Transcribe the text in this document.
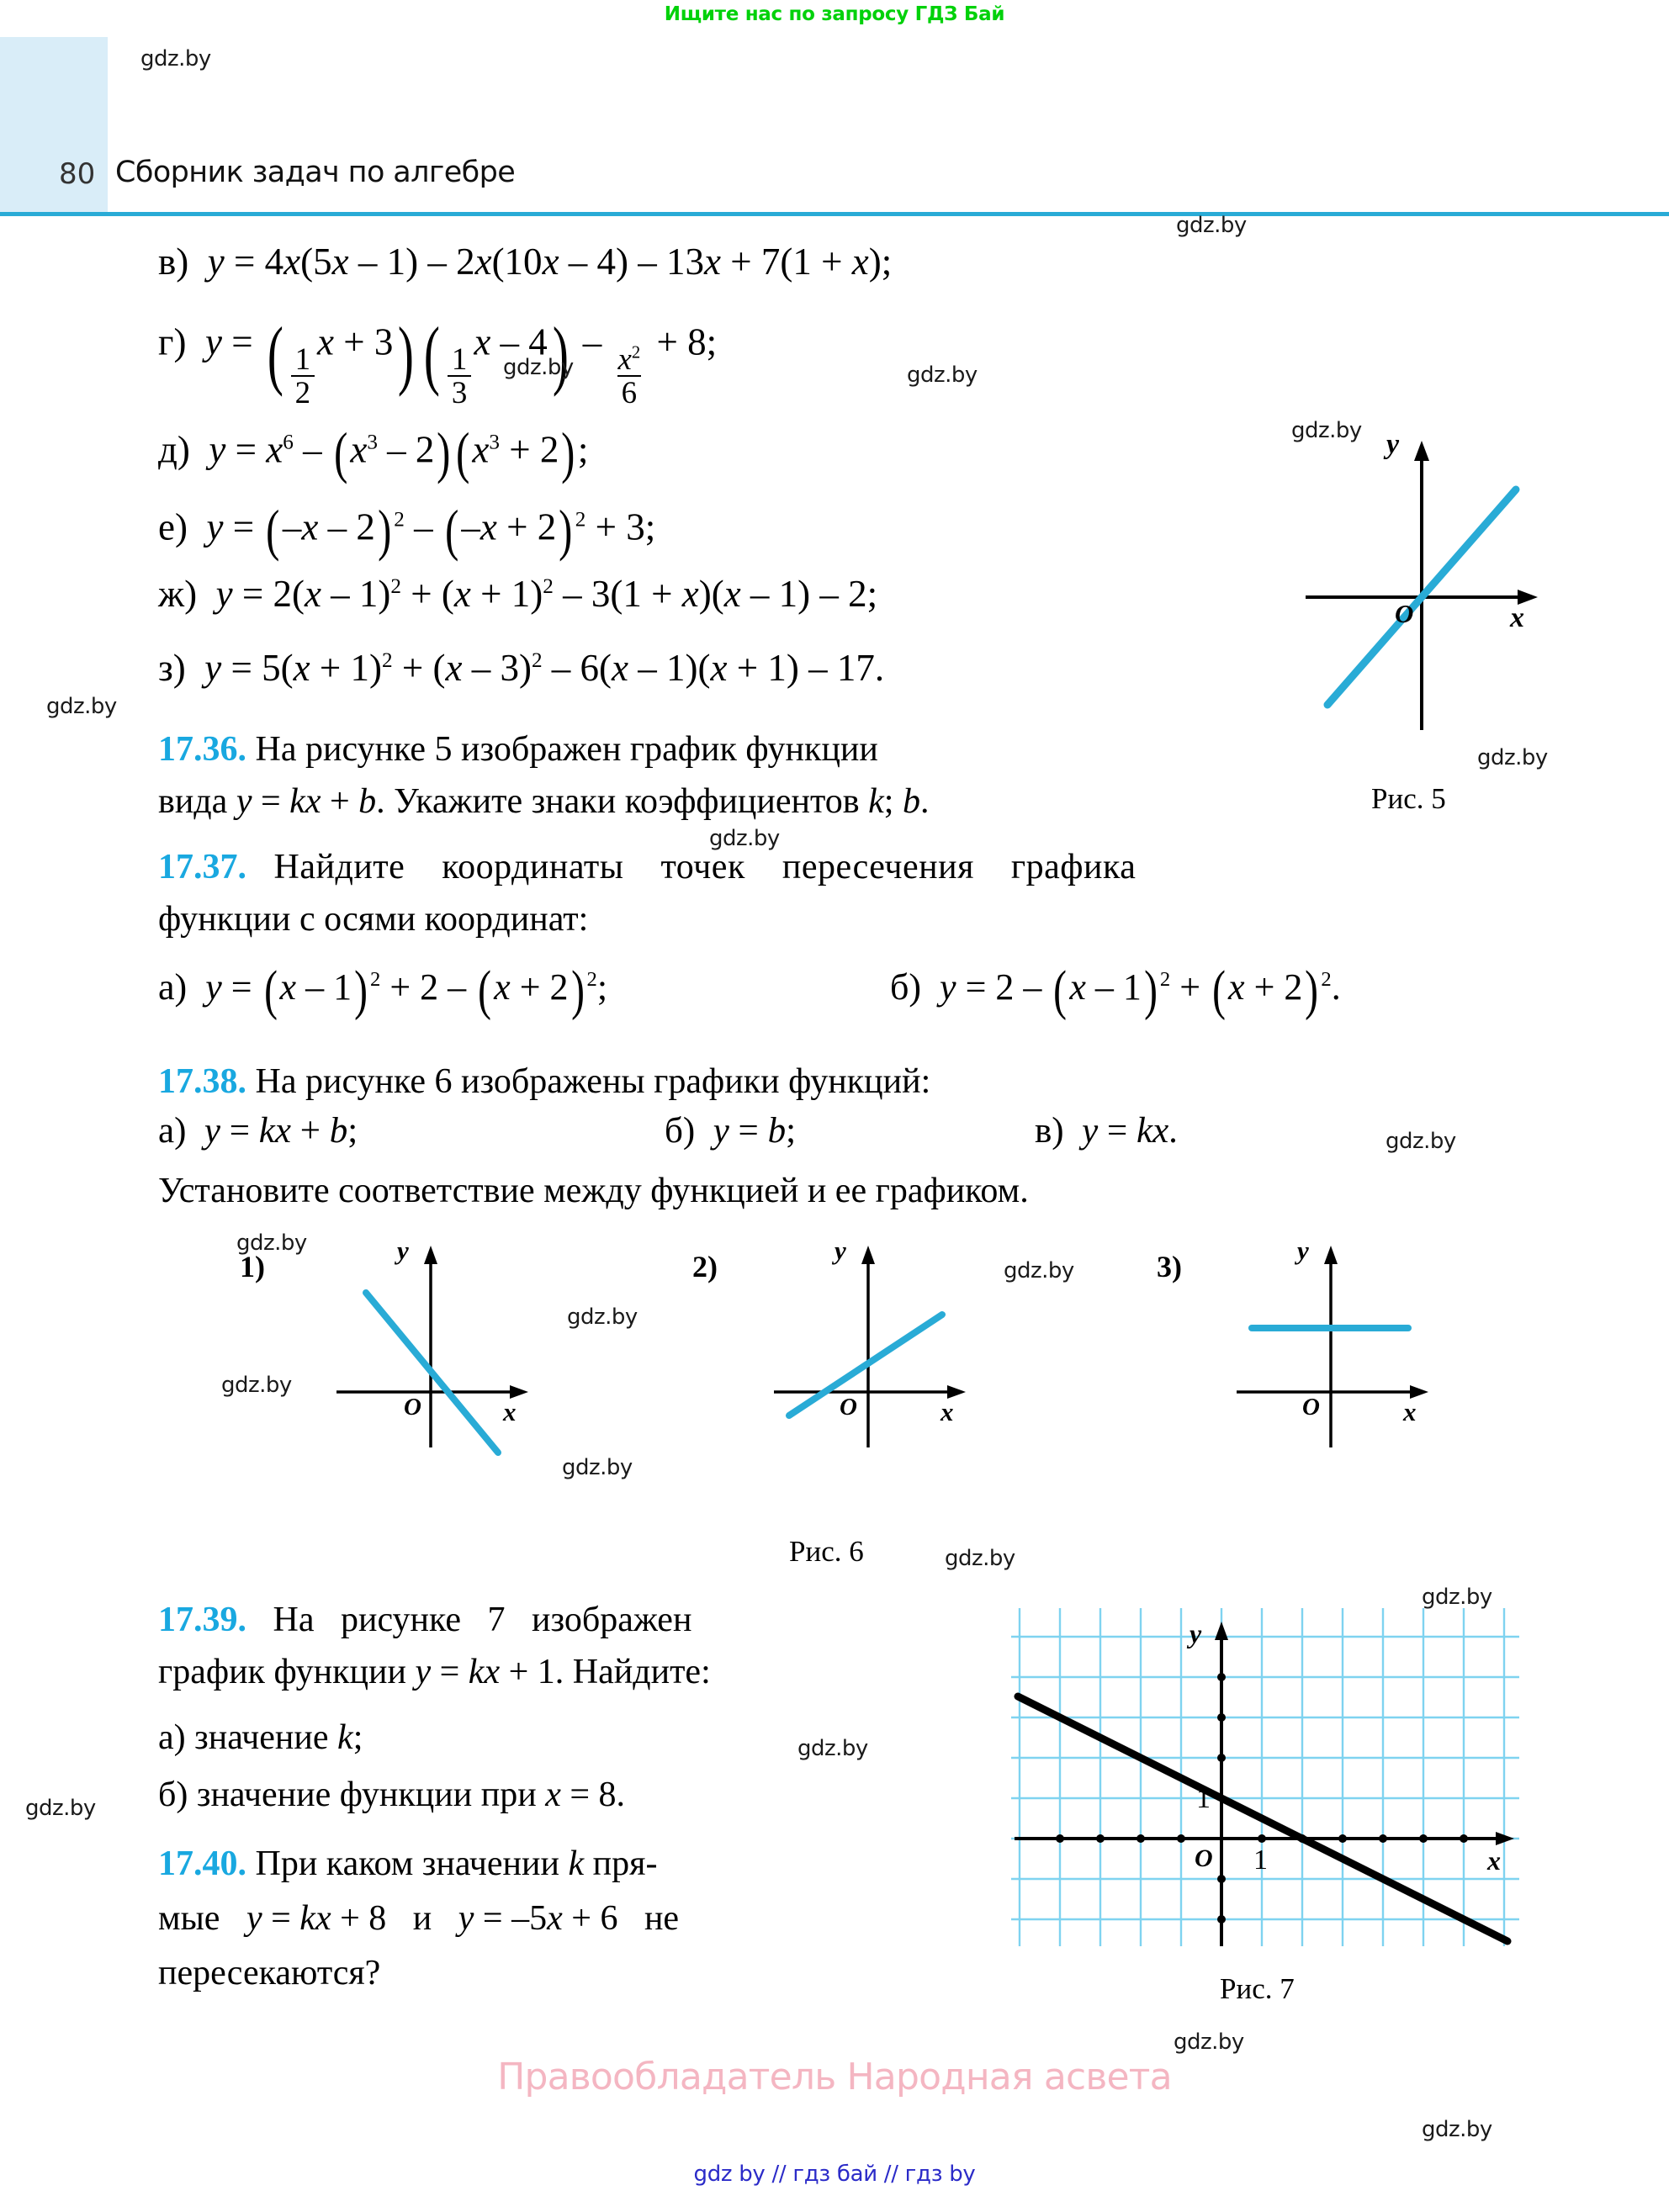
Ищите нас по запросу ГДЗ Бай
80 Сборник задач по алгебре
в) y = 4x(5x – 1) – 2x(10x – 4) – 13x + 7(1 + x);
г) y = ( $\frac{1}{2}$
x + 3) ( $\frac{1}{3}$
x – 4) –
$\frac{x^2}{6}$
+ 8;
д) $y = x^6 - (x^3 - 2)(x^3 + 2)$;
е) y = (–x – 2) $^2$ – (–x + 2) $^2$ + 3;
ж) $y = 2(x - 1)^2 + (x + 1)^2 - 3(1 + x)(x - 1) - 2$;
з) $y = 5(x + 1)^2 + (x - 3)^2 - 6(x - 1)(x + 1) - 17$.
y
x
O
Рис. 5
17.36. На рисунке 5 изображен график функции
вида y = kx + b. Укажите знаки коэффициентов k; b.
17.37.   Найдите    координаты    точек    пересечения    графика
функции с осями координат:
а) y = (x – 1) $^2$ + 2 – (x + 2) $^2$;	б) y = 2 – (x – 1) $^2$ + (x + 2) $^2$.
17.38. На рисунке 6 изображены графики функций:
а) y = kx + b;	б) y = b;	в) y = kx.
Установите соответствие между функцией и ее графиком.
1)	y
x
O
2)	y
x
O
3)	y
x
O
Рис. 6
17.39.   На   рисунке   7   изображен
график функции y = kx + 1. Найдите:
а) значение k;
б) значение функции при x = 8.
17.40. При каком значении k пря-
мые   y = kx + 8   и   y = –5x + 6   не
пересекаются?
y
x
O
1
1
Рис. 7
Правообладатель Народная асвета
gdz by // гдз бай // гдз by
gdz.by
gdz.by
gdz.by
gdz.by
gdz.by
gdz.by
gdz.by
gdz.by
gdz.by
gdz.by
gdz.by
gdz.by
gdz.by
gdz.by
gdz.by
gdz.by
gdz.by
gdz.by
gdz.by
gdz.by
